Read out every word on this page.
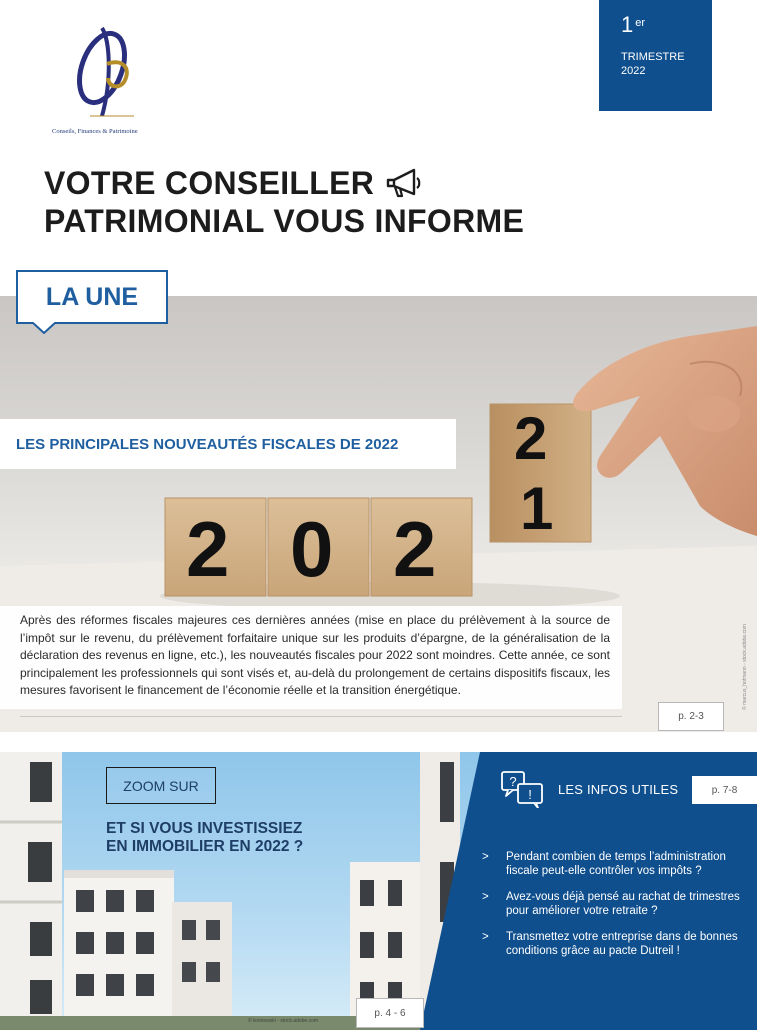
Conseils, Finances & Patrimoine
1 $^{er}$
TRIMESTRE
2022
VOTRE CONSEILLER
PATRIMONIAL VOUS INFORME
2 0 2
2
1
LA UNE
LES PRINCIPALES NOUVEAUTÉS FISCALES DE 2022
Après des réformes fiscales majeures ces dernières années (mise en place du prélèvement à la source de l’impôt sur le revenu, du prélèvement forfaitaire unique sur les produits d’épargne, de la généralisation de la déclaration des revenus en ligne, etc.), les nouveautés fiscales pour 2022 sont moindres. Cette année, ce sont principalement les professionnels qui sont visés et, au-delà du prolongement de certains dispositifs fiscaux, les mesures favorisent le financement de l’économie réelle et la transition énergétique.
p. 2-3
© marcus_hofmann - stock.adobe.com
ZOOM SUR
ET SI VOUS INVESTISSIEZ
EN IMMOBILIER EN 2022 ?
p. 4 - 6
© lesniewski - stock.adobe.com
?
! LES INFOS UTILES	p. 7-8
> Pendant combien de temps l’administration fiscale peut-elle contrôler vos impôts ?
> Avez-vous déjà pensé au rachat de trimestres pour améliorer votre retraite ?
> Transmettez votre entreprise dans de bonnes conditions grâce au pacte Dutreil !
